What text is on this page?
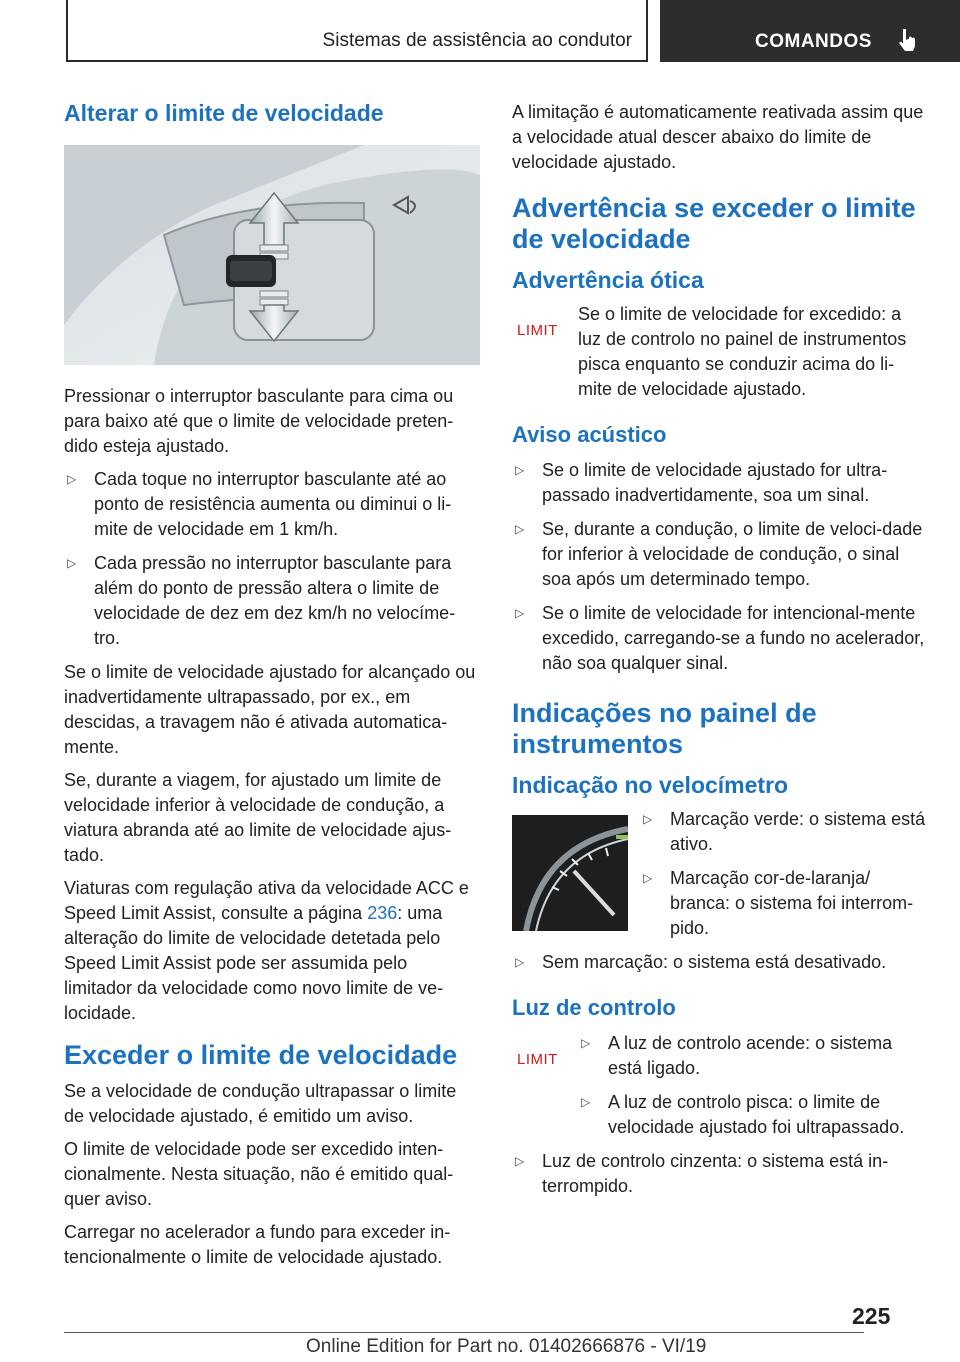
Sistemas de assistência ao condutor	COMANDOS
Alterar o limite de velocidade

Pressionar o interruptor basculante para cima ou para baixo até que o limite de velocidade preten-dido esteja ajustado.

▷ Cada toque no interruptor basculante até ao ponto de resistência aumenta ou diminui o li-mite de velocidade em 1 km/h.
▷ Cada pressão no interruptor basculante para além do ponto de pressão altera o limite de velocidade de dez em dez km/h no velocíme-tro.

Se o limite de velocidade ajustado for alcançado ou inadvertidamente ultrapassado, por ex., em descidas, a travagem não é ativada automatica-mente.

Se, durante a viagem, for ajustado um limite de velocidade inferior à velocidade de condução, a viatura abranda até ao limite de velocidade ajus-tado.

Viaturas com regulação ativa da velocidade ACC e Speed Limit Assist, consulte a página 236: uma alteração do limite de velocidade detetada pelo Speed Limit Assist pode ser assumida pelo limitador da velocidade como novo limite de ve-locidade.

Exceder o limite de velocidade

Se a velocidade de condução ultrapassar o limite de velocidade ajustado, é emitido um aviso.

O limite de velocidade pode ser excedido inten-cionalmente. Nesta situação, não é emitido qual-quer aviso.

Carregar no acelerador a fundo para exceder in-tencionalmente o limite de velocidade ajustado.

A limitação é automaticamente reativada assim que a velocidade atual descer abaixo do limite de velocidade ajustado.

Advertência se exceder o limite de velocidade
Advertência ótica
LIMIT

Se o limite de velocidade for excedido: a luz de controlo no painel de instrumentos pisca enquanto se conduzir acima do li-mite de velocidade ajustado.

Aviso acústico
▷ Se o limite de velocidade ajustado for ultra-passado inadvertidamente, soa um sinal.
▷ Se, durante a condução, o limite de veloci-dade for inferior à velocidade de condução, o sinal soa após um determinado tempo.
▷ Se o limite de velocidade for intencional-mente excedido, carregando-se a fundo no acelerador, não soa qualquer sinal.
Indicações no painel de instrumentos
Indicação no velocímetro
▷ Marcação verde: o sistema está ativo.
▷ Marcação cor-de-laranja/ branca: o sistema foi interrom-pido.
▷ Sem marcação: o sistema está desativado.
Luz de controlo
LIMIT
▷ A luz de controlo acende: o sistema está ligado.
▷ A luz de controlo pisca: o limite de velocidade ajustado foi ultrapassado.
▷ Luz de controlo cinzenta: o sistema está in-terrompido.
225
Online Edition for Part no. 01402666876 - VI/19
